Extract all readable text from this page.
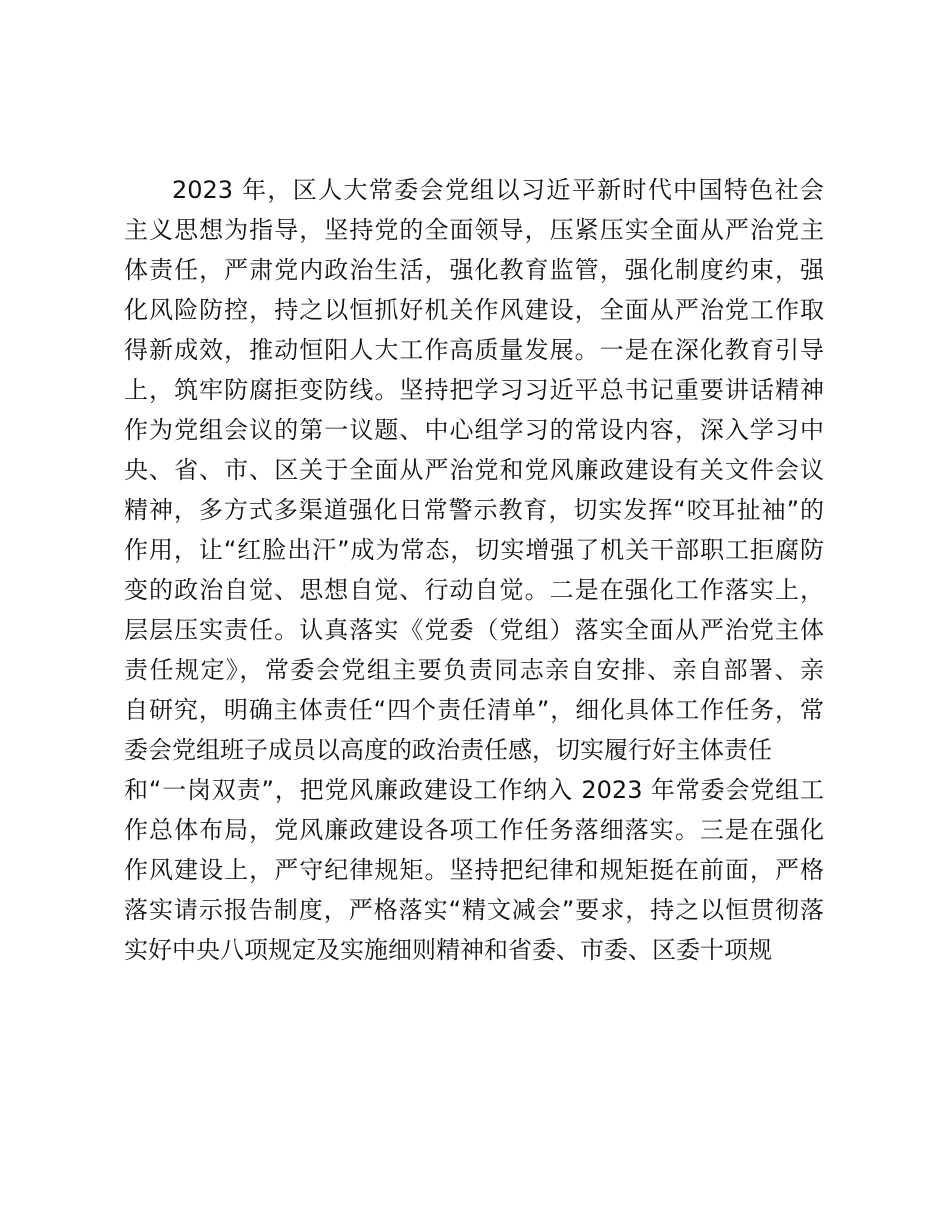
2023 年，区人大常委会党组以习近平新时代中国特色社会
主义思想为指导，坚持党的全面领导，压紧压实全面从严治党主
体责任，严肃党内政治生活，强化教育监管，强化制度约束，强
化风险防控，持之以恒抓好机关作风建设，全面从严治党工作取
得新成效，推动恒阳人大工作高质量发展。一是在深化教育引导
上，筑牢防腐拒变防线。坚持把学习习近平总书记重要讲话精神
作为党组会议的第一议题、中心组学习的常设内容，深入学习中
央、省、市、区关于全面从严治党和党风廉政建设有关文件会议
精神，多方式多渠道强化日常警示教育，切实发挥“咬耳扯袖”的
作用，让“红脸出汗”成为常态，切实增强了机关干部职工拒腐防
变的政治自觉、思想自觉、行动自觉。二是在强化工作落实上，
层层压实责任。认真落实《党委（党组）落实全面从严治党主体
责任规定》，常委会党组主要负责同志亲自安排、亲自部署、亲
自研究，明确主体责任“四个责任清单”，细化具体工作任务，常
委会党组班子成员以高度的政治责任感，切实履行好主体责任
和“一岗双责”，把党风廉政建设工作纳入 2023 年常委会党组工
作总体布局，党风廉政建设各项工作任务落细落实。三是在强化
作风建设上，严守纪律规矩。坚持把纪律和规矩挺在前面，严格
落实请示报告制度，严格落实“精文减会”要求，持之以恒贯彻落
实好中央八项规定及实施细则精神和省委、市委、区委十项规
